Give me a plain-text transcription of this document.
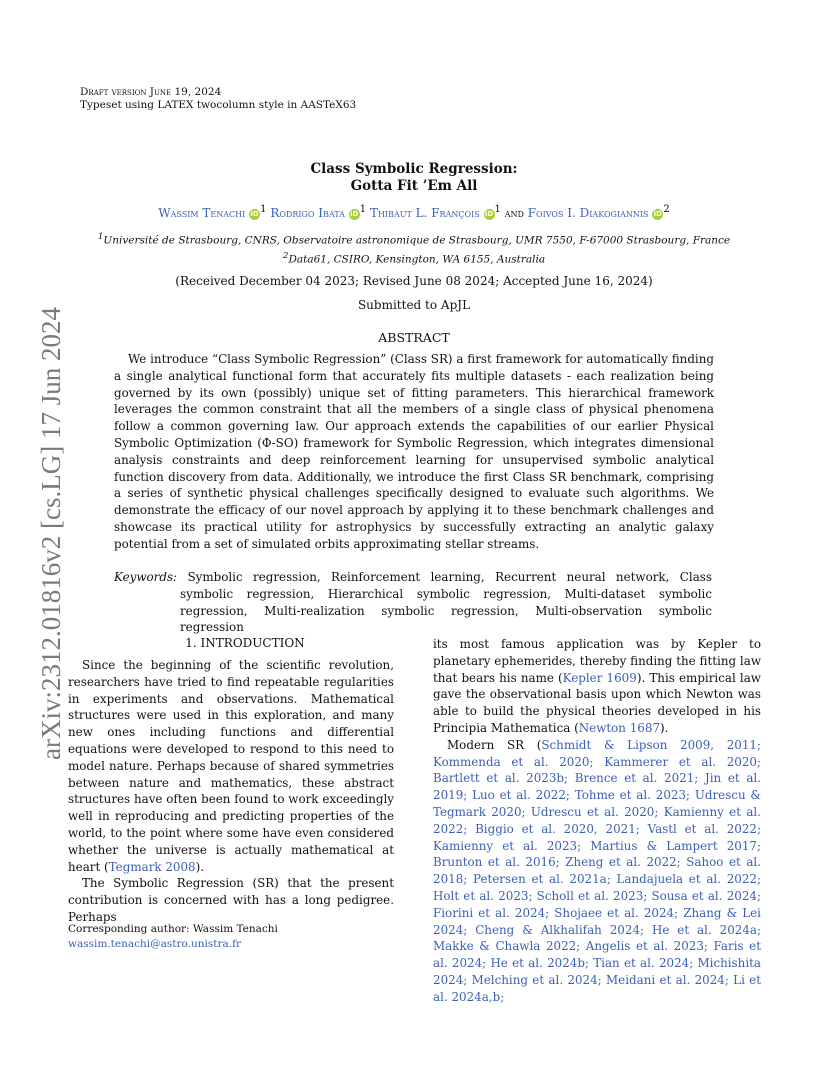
arXiv:2312.01816v2 [cs.LG] 17 Jun 2024
Draft version June 19, 2024
Typeset using LATEX twocolumn style in AASTeX63
Class Symbolic Regression:
Gotta Fit ’Em All
Wassim Tenachi $iD^1$ Rodrigo Ibata $iD^1$ Thibaut L. François $iD^1$ and Foivos I. Diakogiannis $iD^2$
$^1$Université de Strasbourg, CNRS, Observatoire astronomique de Strasbourg, UMR 7550, F-67000 Strasbourg, France
$^2$Data61, CSIRO, Kensington, WA 6155, Australia
(Received December 04 2023; Revised June 08 2024; Accepted June 16, 2024)
Submitted to ApJL
ABSTRACT
We introduce “Class Symbolic Regression” (Class SR) a first framework for automatically finding a single analytical functional form that accurately fits multiple datasets - each realization being governed by its own (possibly) unique set of fitting parameters. This hierarchical framework leverages the common constraint that all the members of a single class of physical phenomena follow a common governing law. Our approach extends the capabilities of our earlier Physical Symbolic Optimization (Φ-SO) framework for Symbolic Regression, which integrates dimensional analysis constraints and deep reinforcement learning for unsupervised symbolic analytical function discovery from data. Additionally, we introduce the first Class SR benchmark, comprising a series of synthetic physical challenges specifically designed to evaluate such algorithms. We demonstrate the efficacy of our novel approach by applying it to these benchmark challenges and showcase its practical utility for astrophysics by successfully extracting an analytic galaxy potential from a set of simulated orbits approximating stellar streams.
Keywords: Symbolic regression, Reinforcement learning, Recurrent neural network, Class symbolic regression, Hierarchical symbolic regression, Multi-dataset symbolic regression, Multi-realization symbolic regression, Multi-observation symbolic regression
1. INTRODUCTION

Since the beginning of the scientific revolution, researchers have tried to find repeatable regularities in experiments and observations. Mathematical structures were used in this exploration, and many new ones including functions and differential equations were developed to respond to this need to model nature. Perhaps because of shared symmetries between nature and mathematics, these abstract structures have often been found to work exceedingly well in reproducing and predicting properties of the world, to the point where some have even considered whether the universe is actually mathematical at heart (Tegmark 2008).

The Symbolic Regression (SR) that the present contribution is concerned with has a long pedigree. Perhaps

its most famous application was by Kepler to planetary ephemerides, thereby finding the fitting law that bears his name (Kepler 1609). This empirical law gave the observational basis upon which Newton was able to build the physical theories developed in his Principia Mathematica (Newton 1687).

Modern SR (Schmidt & Lipson 2009, 2011; Kommenda et al. 2020; Kammerer et al. 2020; Bartlett et al. 2023b; Brence et al. 2021; Jin et al. 2019; Luo et al. 2022; Tohme et al. 2023; Udrescu & Tegmark 2020; Udrescu et al. 2020; Kamienny et al. 2022; Biggio et al. 2020, 2021; Vastl et al. 2022; Kamienny et al. 2023; Martius & Lampert 2017; Brunton et al. 2016; Zheng et al. 2022; Sahoo et al. 2018; Petersen et al. 2021a; Landajuela et al. 2022; Holt et al. 2023; Scholl et al. 2023; Sousa et al. 2024; Fiorini et al. 2024; Shojaee et al. 2024; Zhang & Lei 2024; Cheng & Alkhalifah 2024; He et al. 2024a; Makke & Chawla 2022; Angelis et al. 2023; Faris et al. 2024; He et al. 2024b; Tian et al. 2024; Michishita 2024; Melching et al. 2024; Meidani et al. 2024; Li et al. 2024a,b;

Corresponding author: Wassim Tenachi
wassim.tenachi@astro.unistra.fr
